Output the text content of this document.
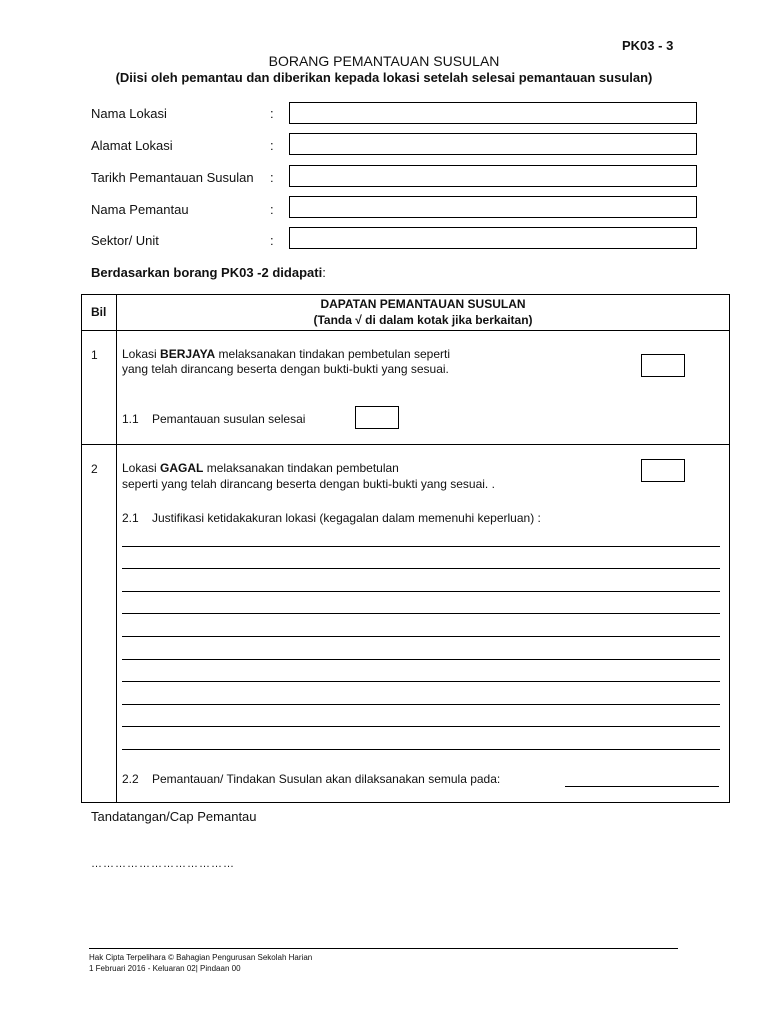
PK03 - 3
BORANG PEMANTAUAN SUSULAN
(Diisi oleh pemantau dan diberikan kepada lokasi setelah selesai pemantauan susulan)
Nama Lokasi	:
Alamat Lokasi	:
Tarikh Pemantauan Susulan :
Nama Pemantau	:
Sektor/ Unit	:
Berdasarkan borang PK03 -2 didapati:
Bil
DAPATAN PEMANTAUAN SUSULAN
(Tanda √ di dalam kotak jika berkaitan)
1 Lokasi BERJAYA melaksanakan tindakan pembetulan seperti
yang telah dirancang beserta dengan bukti-bukti yang sesuai.
1.1 Pemantauan susulan selesai
2 Lokasi GAGAL melaksanakan tindakan pembetulan
seperti yang telah dirancang beserta dengan bukti-bukti yang sesuai. .
2.1 Justifikasi ketidakakuran lokasi (kegagalan dalam memenuhi keperluan) :
2.2 Pemantauan/ Tindakan Susulan akan dilaksanakan semula pada:
Tandatangan/Cap Pemantau
………………………………
Hak Cipta Terpelihara © Bahagian Pengurusan Sekolah Harian
1 Februari 2016 - Keluaran 02| Pindaan 00
